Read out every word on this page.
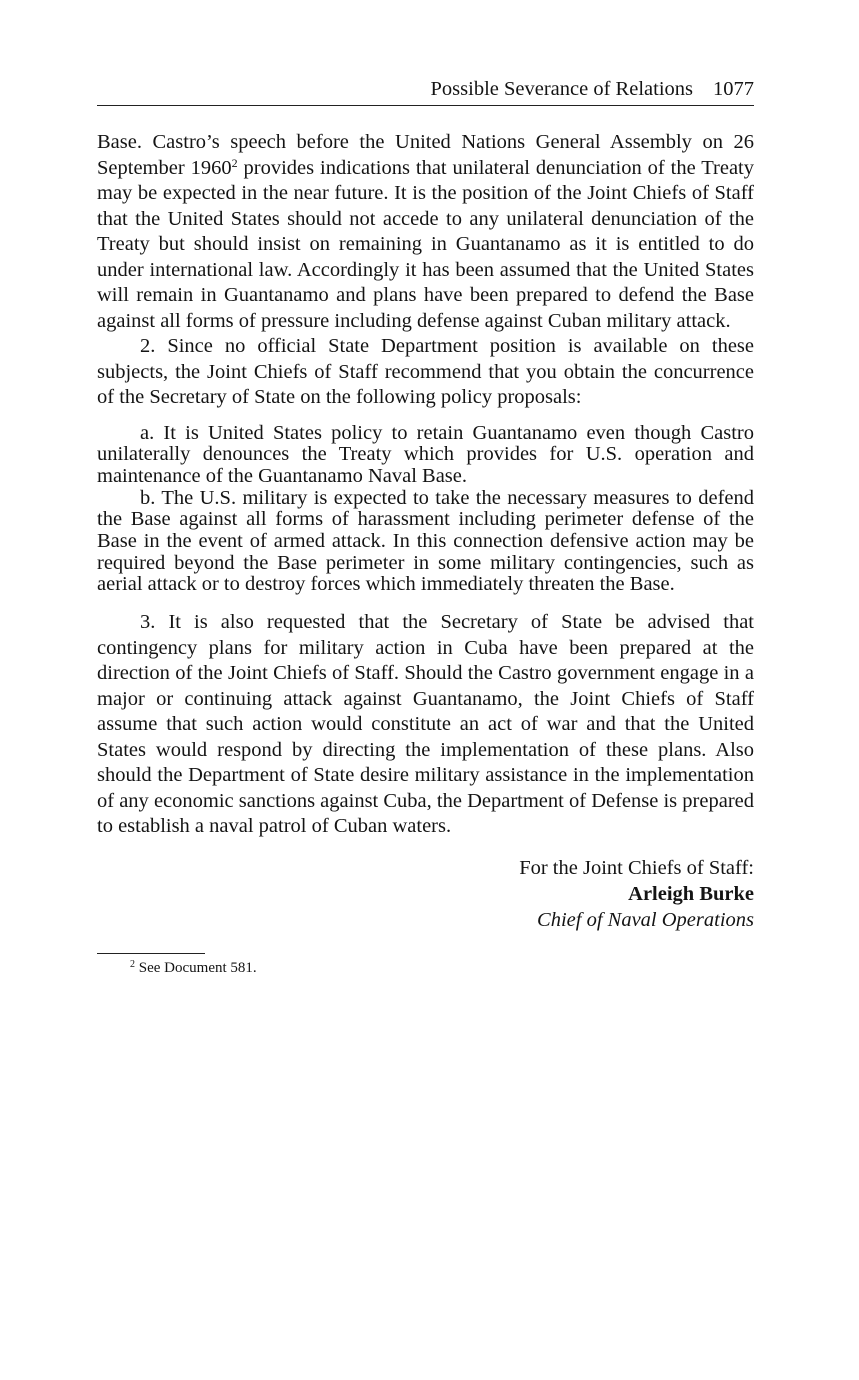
Possible Severance of Relations 1077

Base. Castro’s speech before the United Nations General Assembly on 26 September 1960$^2$ provides indications that unilateral denunciation of the Treaty may be expected in the near future. It is the position of the Joint Chiefs of Staff that the United States should not accede to any unilateral denunciation of the Treaty but should insist on remaining in Guantanamo as it is entitled to do under international law. Accordingly it has been assumed that the United States will remain in Guantanamo and plans have been prepared to defend the Base against all forms of pressure including defense against Cuban military attack.

2. Since no official State Department position is available on these subjects, the Joint Chiefs of Staff recommend that you obtain the concurrence of the Secretary of State on the following policy proposals:

a. It is United States policy to retain Guantanamo even though Castro unilaterally denounces the Treaty which provides for U.S. operation and maintenance of the Guantanamo Naval Base.

b. The U.S. military is expected to take the necessary measures to defend the Base against all forms of harassment including perimeter defense of the Base in the event of armed attack. In this connection defensive action may be required beyond the Base perimeter in some military contingencies, such as aerial attack or to destroy forces which immediately threaten the Base.

3. It is also requested that the Secretary of State be advised that contingency plans for military action in Cuba have been prepared at the direction of the Joint Chiefs of Staff. Should the Castro government engage in a major or continuing attack against Guantanamo, the Joint Chiefs of Staff assume that such action would constitute an act of war and that the United States would respond by directing the implementation of these plans. Also should the Department of State desire military assistance in the implementation of any economic sanctions against Cuba, the Department of Defense is prepared to establish a naval patrol of Cuban waters.

For the Joint Chiefs of Staff:
Arleigh Burke
Chief of Naval Operations
$^2$ See Document 581.
